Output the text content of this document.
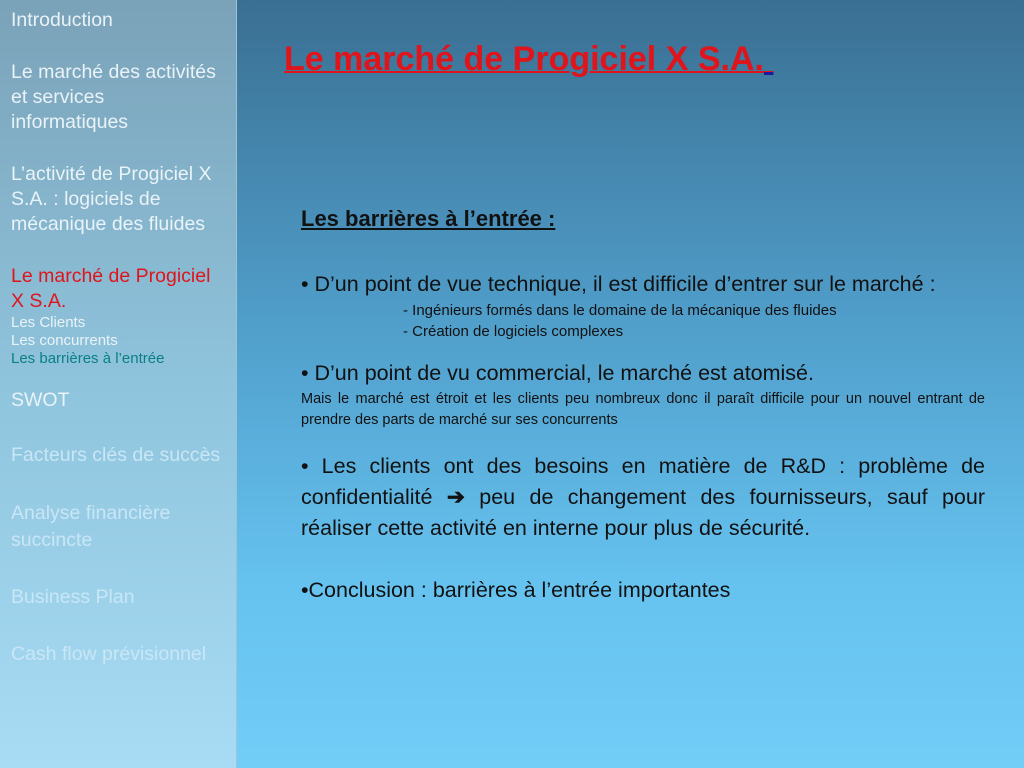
Introduction
Le marché des activités et services informatiques
L’activité de Progiciel X S.A. : logiciels de mécanique des fluides
Le marché de Progiciel X S.A.
Les Clients
Les concurrents
Les barrières à l’entrée
SWOT
Facteurs clés de succès
Analyse financière succincte
Business Plan
Cash flow prévisionnel
Le marché de Progiciel X S.A.

Les barrières à l’entrée :

• D’un point de vue technique, il est difficile d’entrer sur le marché :

- Ingénieurs formés dans le domaine de la mécanique des fluides

- Création de logiciels complexes

• D’un point de vu commercial, le marché est atomisé.

Mais le marché est étroit et les clients peu nombreux donc il paraît difficile pour un nouvel entrant de prendre des parts de marché sur ses concurrents

• Les clients ont des besoins en matière de R&D : problème de confidentialité ➔ peu de changement des fournisseurs, sauf pour réaliser cette activité en interne pour plus de sécurité.

•Conclusion : barrières à l’entrée importantes
